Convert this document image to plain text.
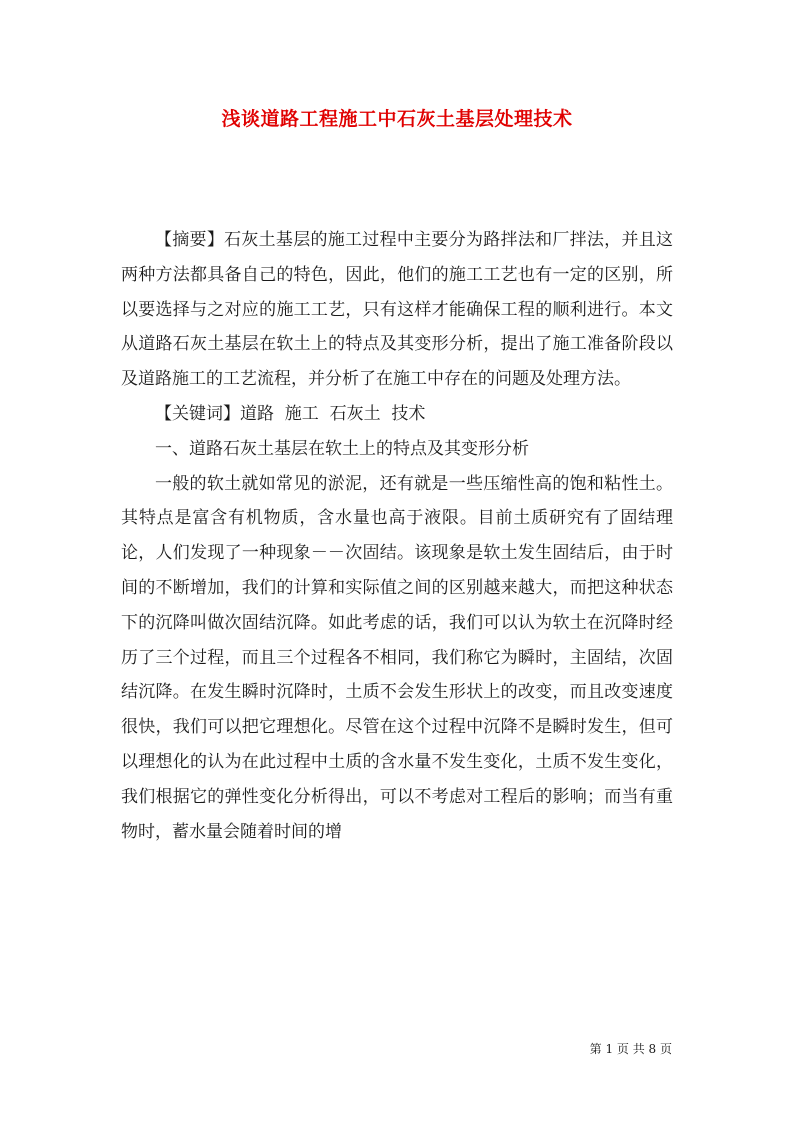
浅谈道路工程施工中石灰土基层处理技术

【摘要】石灰土基层的施工过程中主要分为路拌法和厂拌法，并且这两种方法都具备自己的特色，因此，他们的施工工艺也有一定的区别，所以要选择与之对应的施工工艺，只有这样才能确保工程的顺利进行。本文从道路石灰土基层在软土上的特点及其变形分析，提出了施工准备阶段以及道路施工的工艺流程，并分析了在施工中存在的问题及处理方法。

【关键词】道路  施工  石灰土  技术

一、道路石灰土基层在软土上的特点及其变形分析

一般的软土就如常见的淤泥，还有就是一些压缩性高的饱和粘性土。其特点是富含有机物质，含水量也高于液限。目前土质研究有了固结理论，人们发现了一种现象－－次固结。该现象是软土发生固结后，由于时间的不断增加，我们的计算和实际值之间的区别越来越大，而把这种状态下的沉降叫做次固结沉降。如此考虑的话，我们可以认为软土在沉降时经历了三个过程，而且三个过程各不相同，我们称它为瞬时，主固结，次固结沉降。在发生瞬时沉降时，土质不会发生形状上的改变，而且改变速度很快，我们可以把它理想化。尽管在这个过程中沉降不是瞬时发生，但可以理想化的认为在此过程中土质的含水量不发生变化，土质不发生变化，我们根据它的弹性变化分析得出，可以不考虑对工程后的影响；而当有重物时，蓄水量会随着时间的增

第 1 页 共 8 页
